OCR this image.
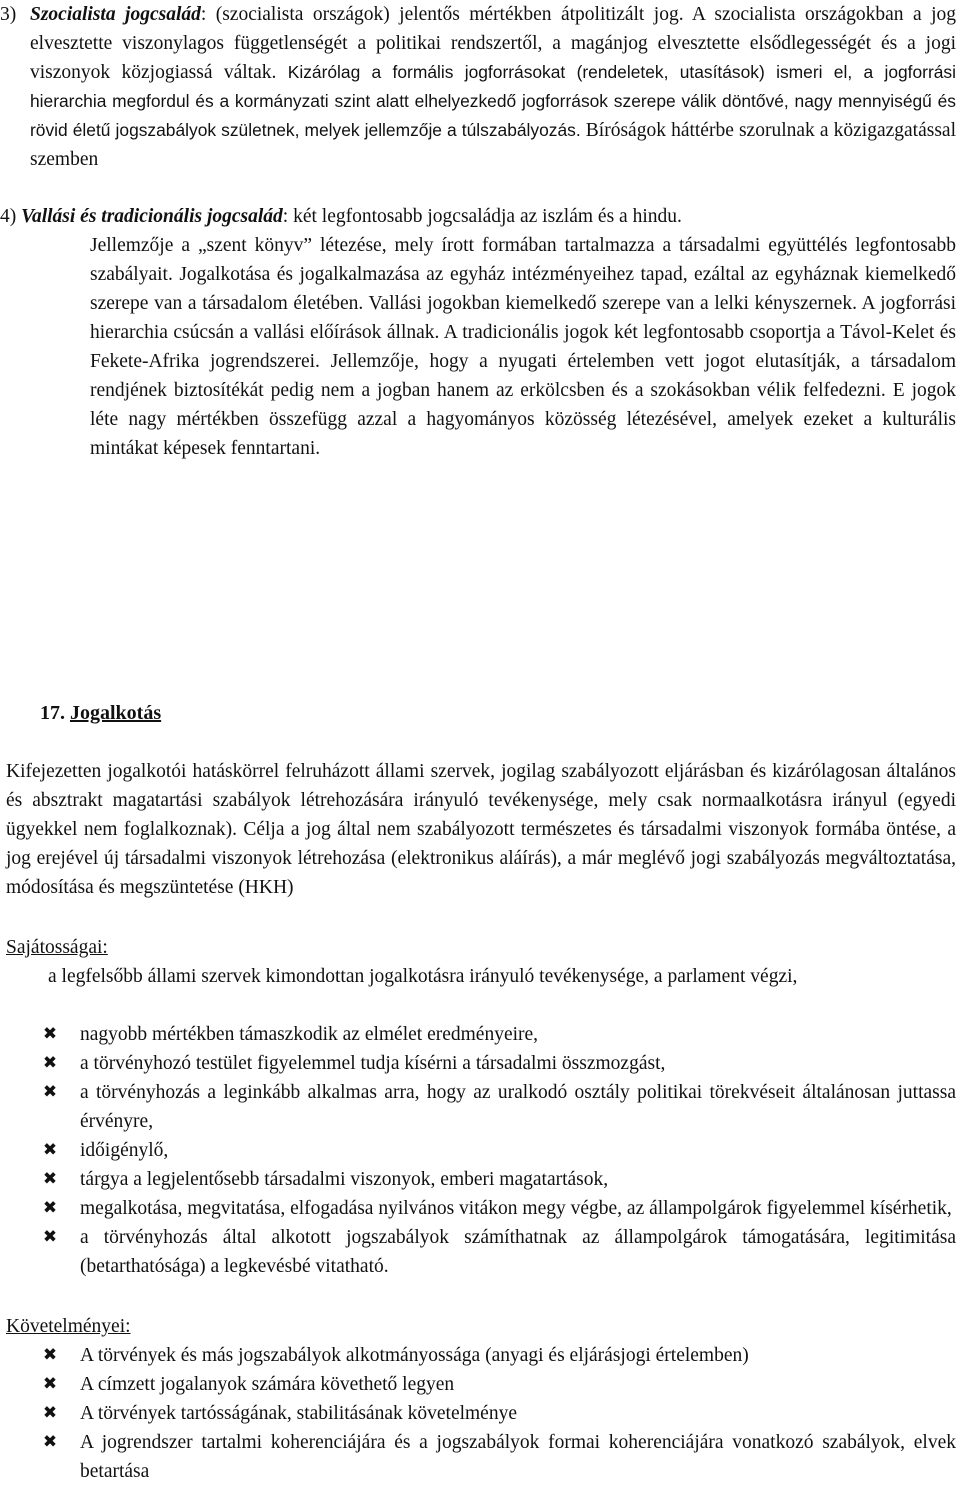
3) Szocialista jogcsalád: (szocialista országok) jelentős mértékben átpolitizált jog. A szocialista országokban a jog elvesztette viszonylagos függetlenségét a politikai rendszertől, a magánjog elvesztette elsődlegességét és a jogi viszonyok közjogiassá váltak. Kizárólag a formális jogforrásokat (rendeletek, utasítások) ismeri el, a jogforrási hierarchia megfordul és a kormányzati szint alatt elhelyezkedő jogforrások szerepe válik döntővé, nagy mennyiségű és rövid életű jogszabályok születnek, melyek jellemzője a túlszabályozás. Bíróságok háttérbe szorulnak a közigazgatással szemben
4) Vallási és tradicionális jogcsalád: két legfontosabb jogcsaládja az iszlám és a hindu.
Jellemzője a „szent könyv” létezése, mely írott formában tartalmazza a társadalmi együttélés legfontosabb szabályait. Jogalkotása és jogalkalmazása az egyház intézményeihez tapad, ezáltal az egyháznak kiemelkedő szerepe van a társadalom életében. Vallási jogokban kiemelkedő szerepe van a lelki kényszernek. A jogforrási hierarchia csúcsán a vallási előírások állnak. A tradicionális jogok két legfontosabb csoportja a Távol-Kelet és Fekete-Afrika jogrendszerei. Jellemzője, hogy a nyugati értelemben vett jogot elutasítják, a társadalom rendjének biztosítékát pedig nem a jogban hanem az erkölcsben és a szokásokban vélik felfedezni. E jogok léte nagy mértékben összefügg azzal a hagyományos közösség létezésével, amelyek ezeket a kulturális mintákat képesek fenntartani.
17. Jogalkotás
Kifejezetten jogalkotói hatáskörrel felruházott állami szervek, jogilag szabályozott eljárásban és kizárólagosan általános és absztrakt magatartási szabályok létrehozására irányuló tevékenysége, mely csak normaalkotásra irányul (egyedi ügyekkel nem foglalkoznak). Célja a jog által nem szabályozott természetes és társadalmi viszonyok formába öntése, a jog erejével új társadalmi viszonyok létrehozása (elektronikus aláírás), a már meglévő jogi szabályozás megváltoztatása, módosítása és megszüntetése (HKH)
Sajátosságai:
a legfelsőbb állami szervek kimondottan jogalkotásra irányuló tevékenysége, a parlament végzi,
✖ nagyobb mértékben támaszkodik az elmélet eredményeire,
✖ a törvényhozó testület figyelemmel tudja kísérni a társadalmi összmozgást,
✖ a törvényhozás a leginkább alkalmas arra, hogy az uralkodó osztály politikai törekvéseit általánosan juttassa érvényre,
✖ időigénylő,
✖ tárgya a legjelentősebb társadalmi viszonyok, emberi magatartások,
✖ megalkotása, megvitatása, elfogadása nyilvános vitákon megy végbe, az állampolgárok figyelemmel kísérhetik,
✖ a törvényhozás által alkotott jogszabályok számíthatnak az állampolgárok támogatására, legitimitása (betarthatósága) a legkevésbé vitatható.
Követelményei:
✖ A törvények és más jogszabályok alkotmányossága (anyagi és eljárásjogi értelemben)
✖ A címzett jogalanyok számára követhető legyen
✖ A törvények tartósságának, stabilitásának követelménye
✖ A jogrendszer tartalmi koherenciájára és a jogszabályok formai koherenciájára vonatkozó szabályok, elvek betartása
